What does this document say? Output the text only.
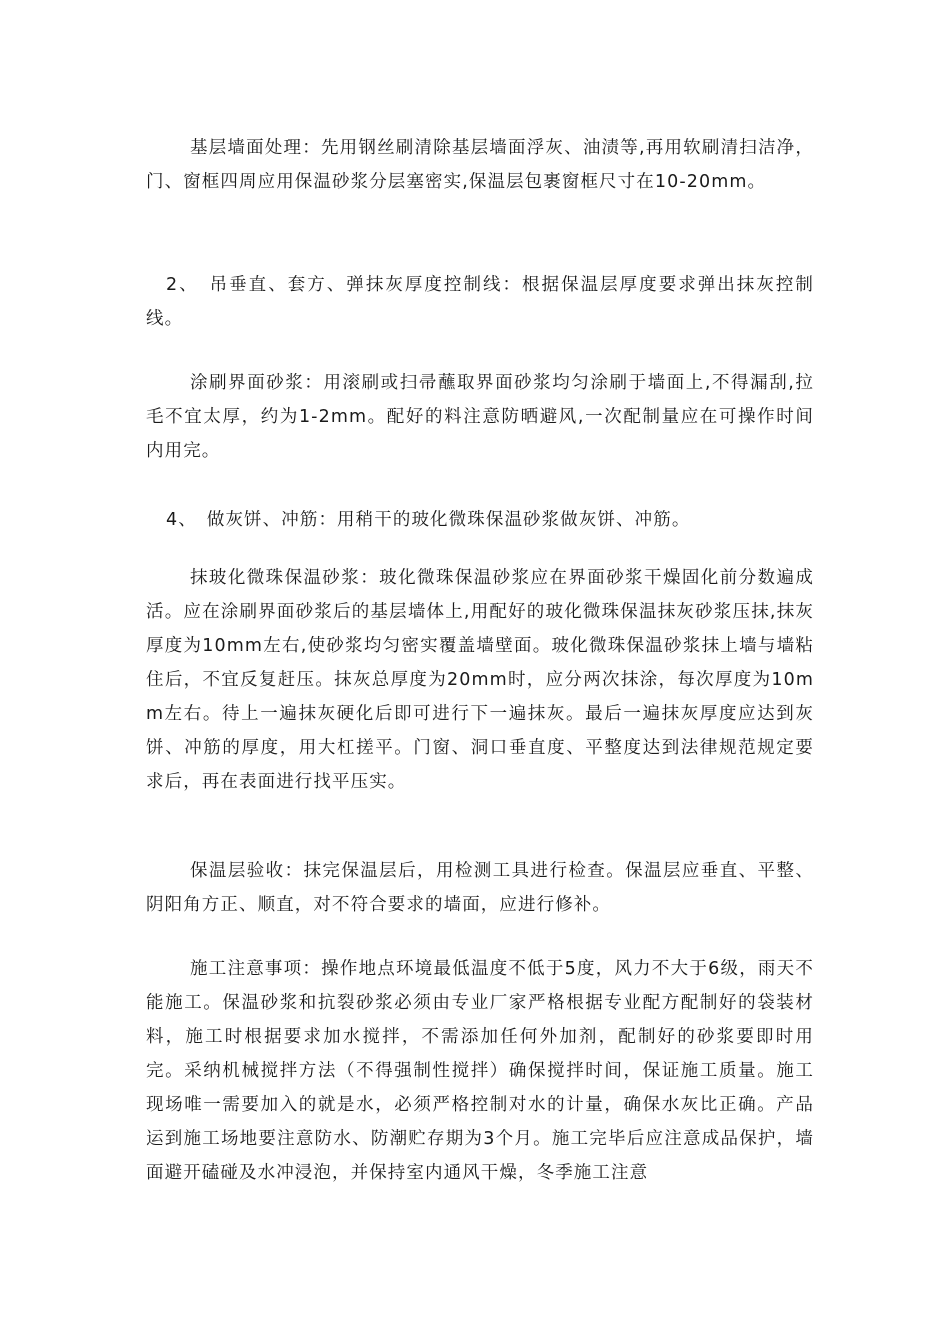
基层墙面处理：先用钢丝刷清除基层墙面浮灰、油渍等,再用软刷清扫洁净，门、窗框四周应用保温砂浆分层塞密实,保温层包裹窗框尺寸在10-20mm。

2、 吊垂直、套方、弹抹灰厚度控制线：根据保温层厚度要求弹出抹灰控制线。

涂刷界面砂浆：用滚刷或扫帚蘸取界面砂浆均匀涂刷于墙面上,不得漏刮,拉毛不宜太厚，约为1-2mm。配好的料注意防晒避风,一次配制量应在可操作时间内用完。

4、 做灰饼、冲筋：用稍干的玻化微珠保温砂浆做灰饼、冲筋。

抹玻化微珠保温砂浆：玻化微珠保温砂浆应在界面砂浆干燥固化前分数遍成活。应在涂刷界面砂浆后的基层墙体上,用配好的玻化微珠保温抹灰砂浆压抹,抹灰厚度为10mm左右,使砂浆均匀密实覆盖墙壁面。玻化微珠保温砂浆抹上墙与墙粘住后，不宜反复赶压。抹灰总厚度为20mm时，应分两次抹涂，每次厚度为10mm左右。待上一遍抹灰硬化后即可进行下一遍抹灰。最后一遍抹灰厚度应达到灰饼、冲筋的厚度，用大杠搓平。门窗、洞口垂直度、平整度达到法律规范规定要求后，再在表面进行找平压实。

保温层验收：抹完保温层后，用检测工具进行检查。保温层应垂直、平整、阴阳角方正、顺直，对不符合要求的墙面，应进行修补。

施工注意事项：操作地点环境最低温度不低于5度，风力不大于6级，雨天不能施工。保温砂浆和抗裂砂浆必须由专业厂家严格根据专业配方配制好的袋装材料，施工时根据要求加水搅拌，不需添加任何外加剂，配制好的砂浆要即时用完。采纳机械搅拌方法（不得强制性搅拌）确保搅拌时间，保证施工质量。施工现场唯一需要加入的就是水，必须严格控制对水的计量，确保水灰比正确。产品运到施工场地要注意防水、防潮贮存期为3个月。施工完毕后应注意成品保护，墙面避开磕碰及水冲浸泡，并保持室内通风干燥，冬季施工注意
